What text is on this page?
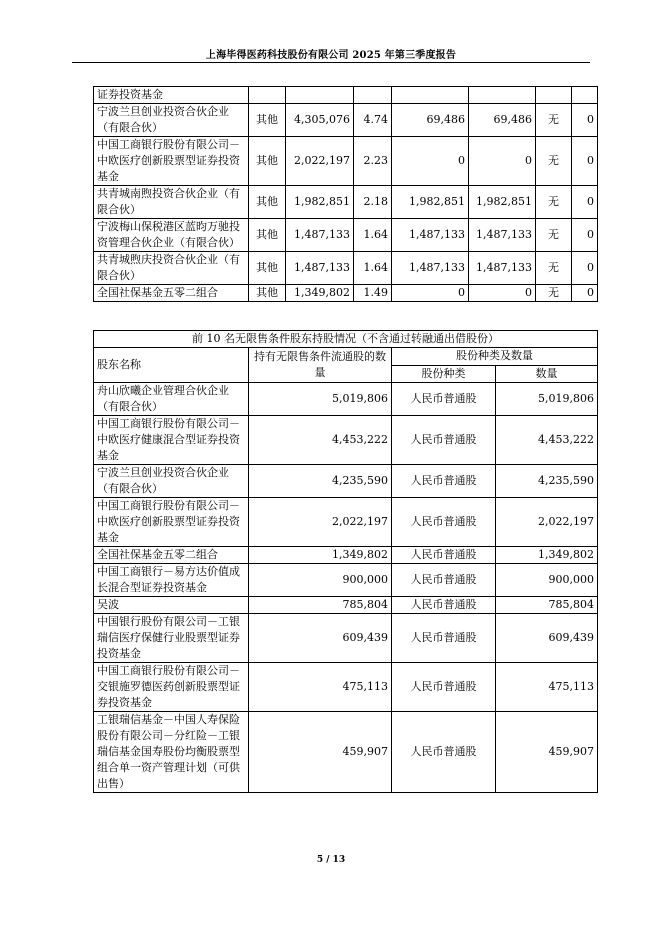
上海毕得医药科技股份有限公司 2025 年第三季度报告
证券投资基金							
宁波兰旦创业投资合伙企业（有限合伙）	其他	4,305,076	4.74	69,486	69,486	无	0
中国工商银行股份有限公司－中欧医疗创新股票型证券投资基金	其他	2,022,197	2.23	0	0	无	0
共青城南煦投资合伙企业（有限合伙）	其他	1,982,851	2.18	1,982,851	1,982,851	无	0
宁波梅山保税港区蓝昀万驰投资管理合伙企业（有限合伙）	其他	1,487,133	1.64	1,487,133	1,487,133	无	0
共青城煦庆投资合伙企业（有限合伙）	其他	1,487,133	1.64	1,487,133	1,487,133	无	0
全国社保基金五零二组合	其他	1,349,802	1.49	0	0	无	0
前 10 名无限售条件股东持股情况（不含通过转融通出借股份）			
股东名称	持有无限售条件流通股的数量	股份种类及数量	
		股份种类	数量
舟山欣曦企业管理合伙企业（有限合伙）	5,019,806	人民币普通股	5,019,806
中国工商银行股份有限公司－中欧医疗健康混合型证券投资基金	4,453,222	人民币普通股	4,453,222
宁波兰旦创业投资合伙企业（有限合伙）	4,235,590	人民币普通股	4,235,590
中国工商银行股份有限公司－中欧医疗创新股票型证券投资基金	2,022,197	人民币普通股	2,022,197
全国社保基金五零二组合	1,349,802	人民币普通股	1,349,802
中国工商银行－易方达价值成长混合型证券投资基金	900,000	人民币普通股	900,000
吴波	785,804	人民币普通股	785,804
中国银行股份有限公司－工银瑞信医疗保健行业股票型证券投资基金	609,439	人民币普通股	609,439
中国工商银行股份有限公司－交银施罗德医药创新股票型证券投资基金	475,113	人民币普通股	475,113
工银瑞信基金－中国人寿保险股份有限公司－分红险－工银瑞信基金国寿股份均衡股票型组合单一资产管理计划（可供出售）	459,907	人民币普通股	459,907
5 / 13
